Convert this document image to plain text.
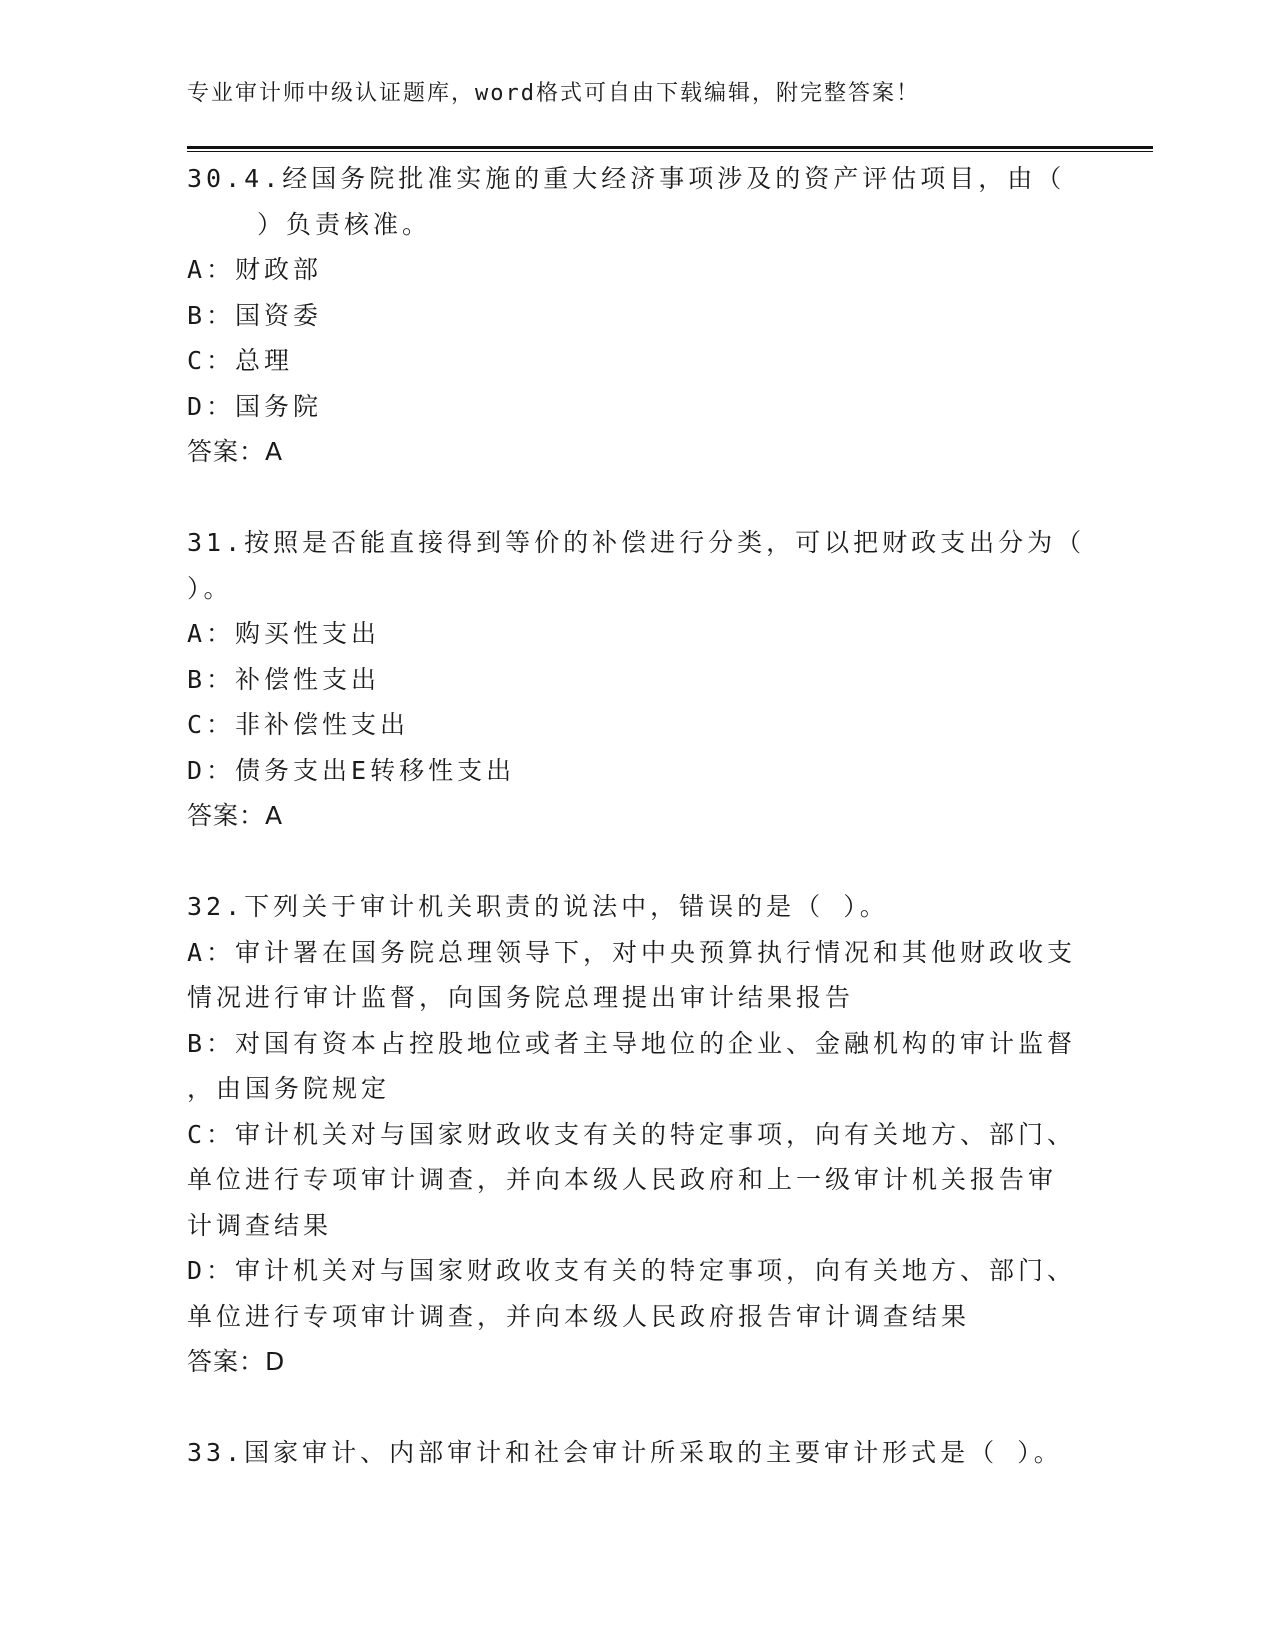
专业审计师中级认证题库，word格式可自由下载编辑，附完整答案！
30.4.经国务院批准实施的重大经济事项涉及的资产评估项目，由（
）负责核准。
A：财政部
B：国资委
C：总理
D：国务院
答案：A
31.按照是否能直接得到等价的补偿进行分类，可以把财政支出分为（
）。
A：购买性支出
B：补偿性支出
C：非补偿性支出
D：债务支出E转移性支出
答案：A
32.下列关于审计机关职责的说法中，错误的是（ ）。
A：审计署在国务院总理领导下，对中央预算执行情况和其他财政收支
情况进行审计监督，向国务院总理提出审计结果报告
B：对国有资本占控股地位或者主导地位的企业、金融机构的审计监督
，由国务院规定
C：审计机关对与国家财政收支有关的特定事项，向有关地方、部门、
单位进行专项审计调查，并向本级人民政府和上一级审计机关报告审
计调查结果
D：审计机关对与国家财政收支有关的特定事项，向有关地方、部门、
单位进行专项审计调查，并向本级人民政府报告审计调查结果
答案：D
33.国家审计、内部审计和社会审计所采取的主要审计形式是（ ）。
